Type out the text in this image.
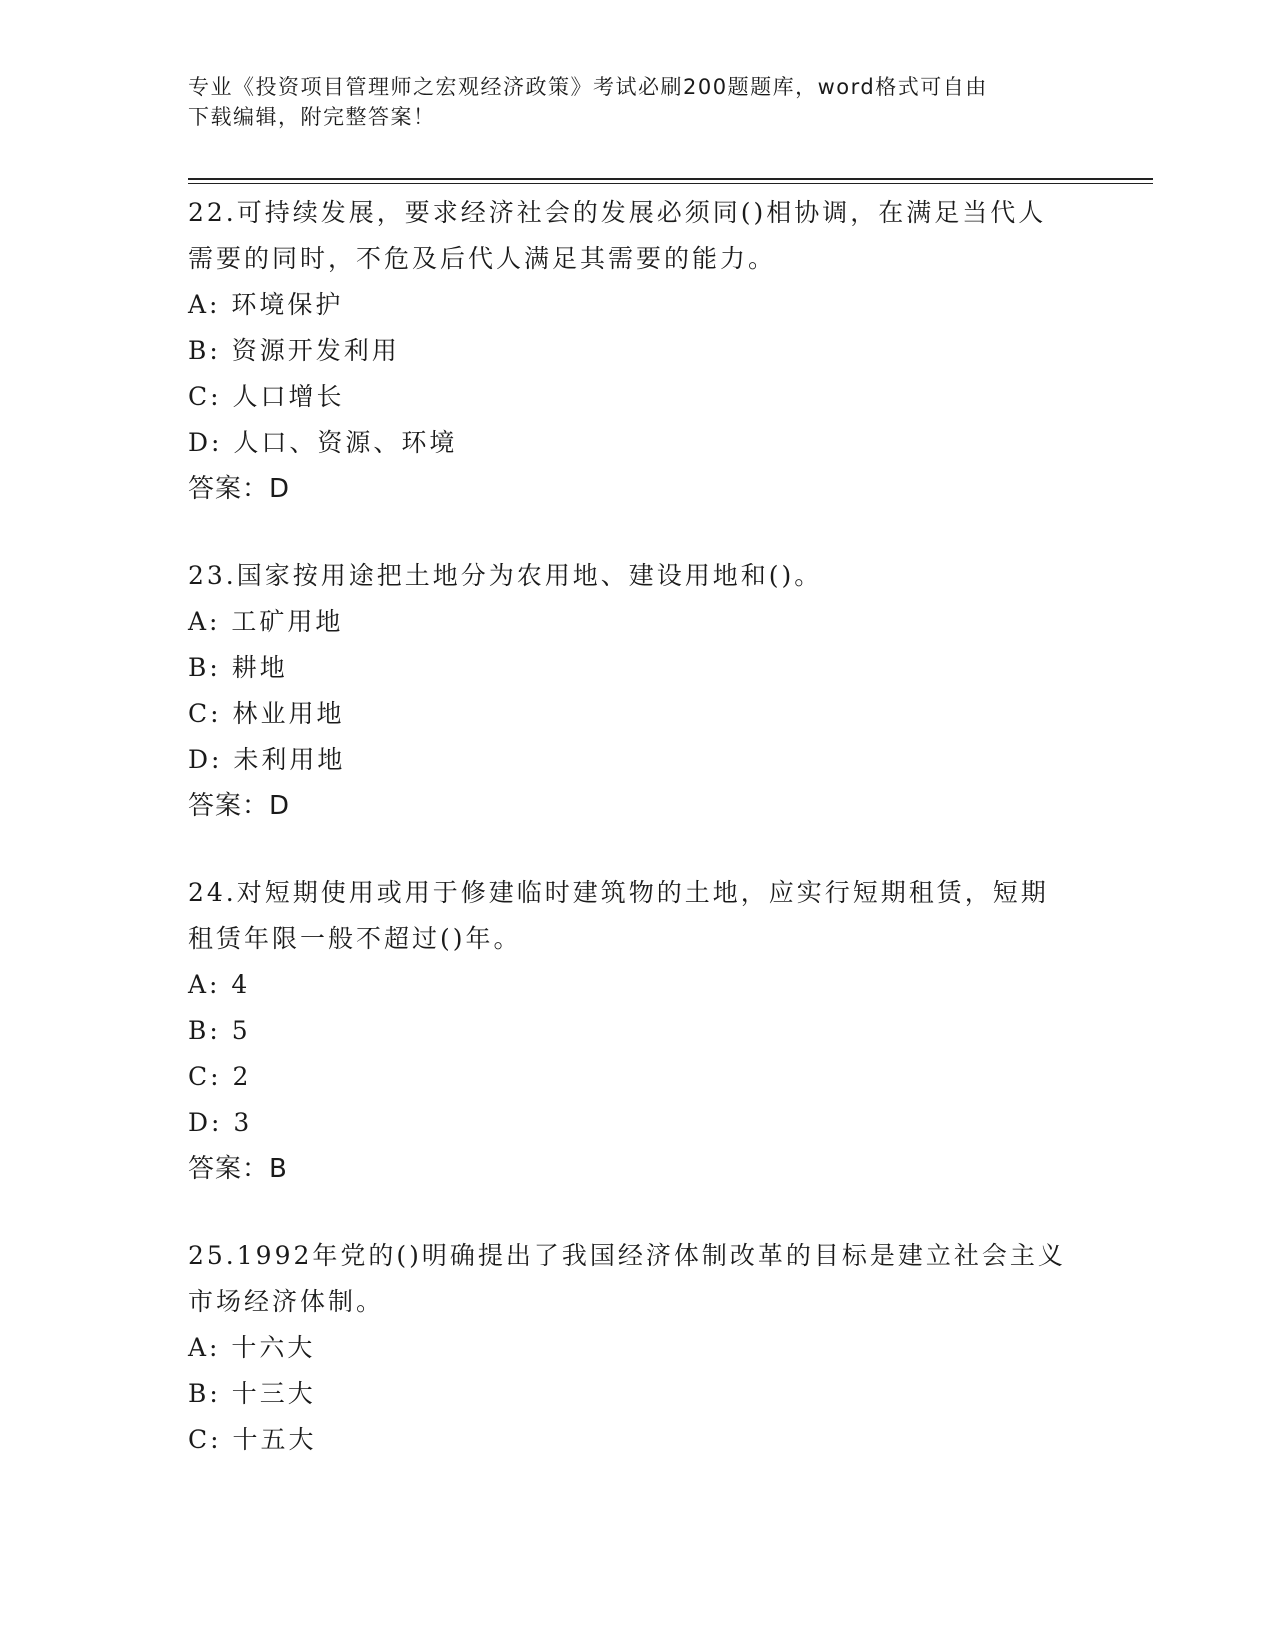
专业《投资项目管理师之宏观经济政策》考试必刷200题题库，word格式可自由
下载编辑，附完整答案！
22.可持续发展，要求经济社会的发展必须同()相协调，在满足当代人
需要的同时，不危及后代人满足其需要的能力。
A: 环境保护
B: 资源开发利用
C: 人口增长
D: 人口、资源、环境
答案：D
23.国家按用途把土地分为农用地、建设用地和()。
A: 工矿用地
B: 耕地
C: 林业用地
D: 未利用地
答案：D
24.对短期使用或用于修建临时建筑物的土地，应实行短期租赁，短期
租赁年限一般不超过()年。
A: 4
B: 5
C: 2
D: 3
答案：B
25.1992年党的()明确提出了我国经济体制改革的目标是建立社会主义
市场经济体制。
A: 十六大
B: 十三大
C: 十五大
